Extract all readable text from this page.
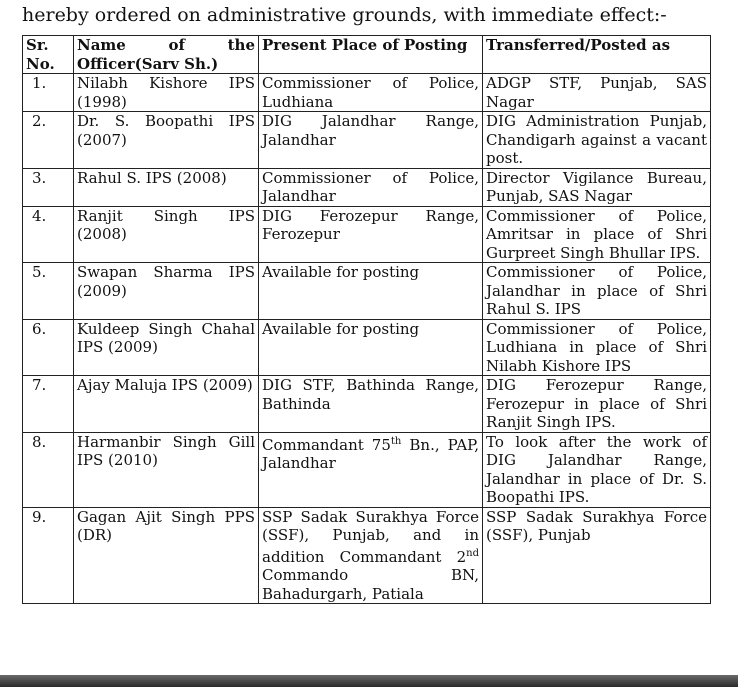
hereby ordered on administrative grounds, with immediate effect:-
Sr. No.	Name of the Officer(Sarv Sh.)	Present Place of Posting	Transferred/Posted as
1.	Nilabh Kishore IPS (1998)	Commissioner of Police, Ludhiana	ADGP STF, Punjab, SAS Nagar
2.	Dr. S. Boopathi IPS (2007)	DIG Jalandhar Range, Jalandhar	DIG Administration Punjab, Chandigarh against a vacant post.
3.	Rahul S. IPS (2008)	Commissioner of Police, Jalandhar	Director Vigilance Bureau, Punjab, SAS Nagar
4.	Ranjit Singh IPS (2008)	DIG Ferozepur Range, Ferozepur	Commissioner of Police, Amritsar in place of Shri Gurpreet Singh Bhullar IPS.
5.	Swapan Sharma IPS (2009)	Available for posting	Commissioner of Police, Jalandhar in place of Shri Rahul S. IPS
6.	Kuldeep Singh Chahal IPS (2009)	Available for posting	Commissioner of Police, Ludhiana in place of Shri Nilabh Kishore IPS
7.	Ajay Maluja IPS (2009)	DIG STF, Bathinda Range, Bathinda	DIG Ferozepur Range, Ferozepur in place of Shri Ranjit Singh IPS.
8.	Harmanbir Singh Gill IPS (2010)	Commandant 75th Bn., PAP, Jalandhar	To look after the work of DIG Jalandhar Range, Jalandhar in place of Dr. S. Boopathi IPS.
9.	Gagan Ajit Singh PPS (DR)	SSP Sadak Surakhya Force (SSF), Punjab, and in addition Commandant 2nd Commando BN, Bahadurgarh, Patiala	SSP Sadak Surakhya Force (SSF), Punjab
